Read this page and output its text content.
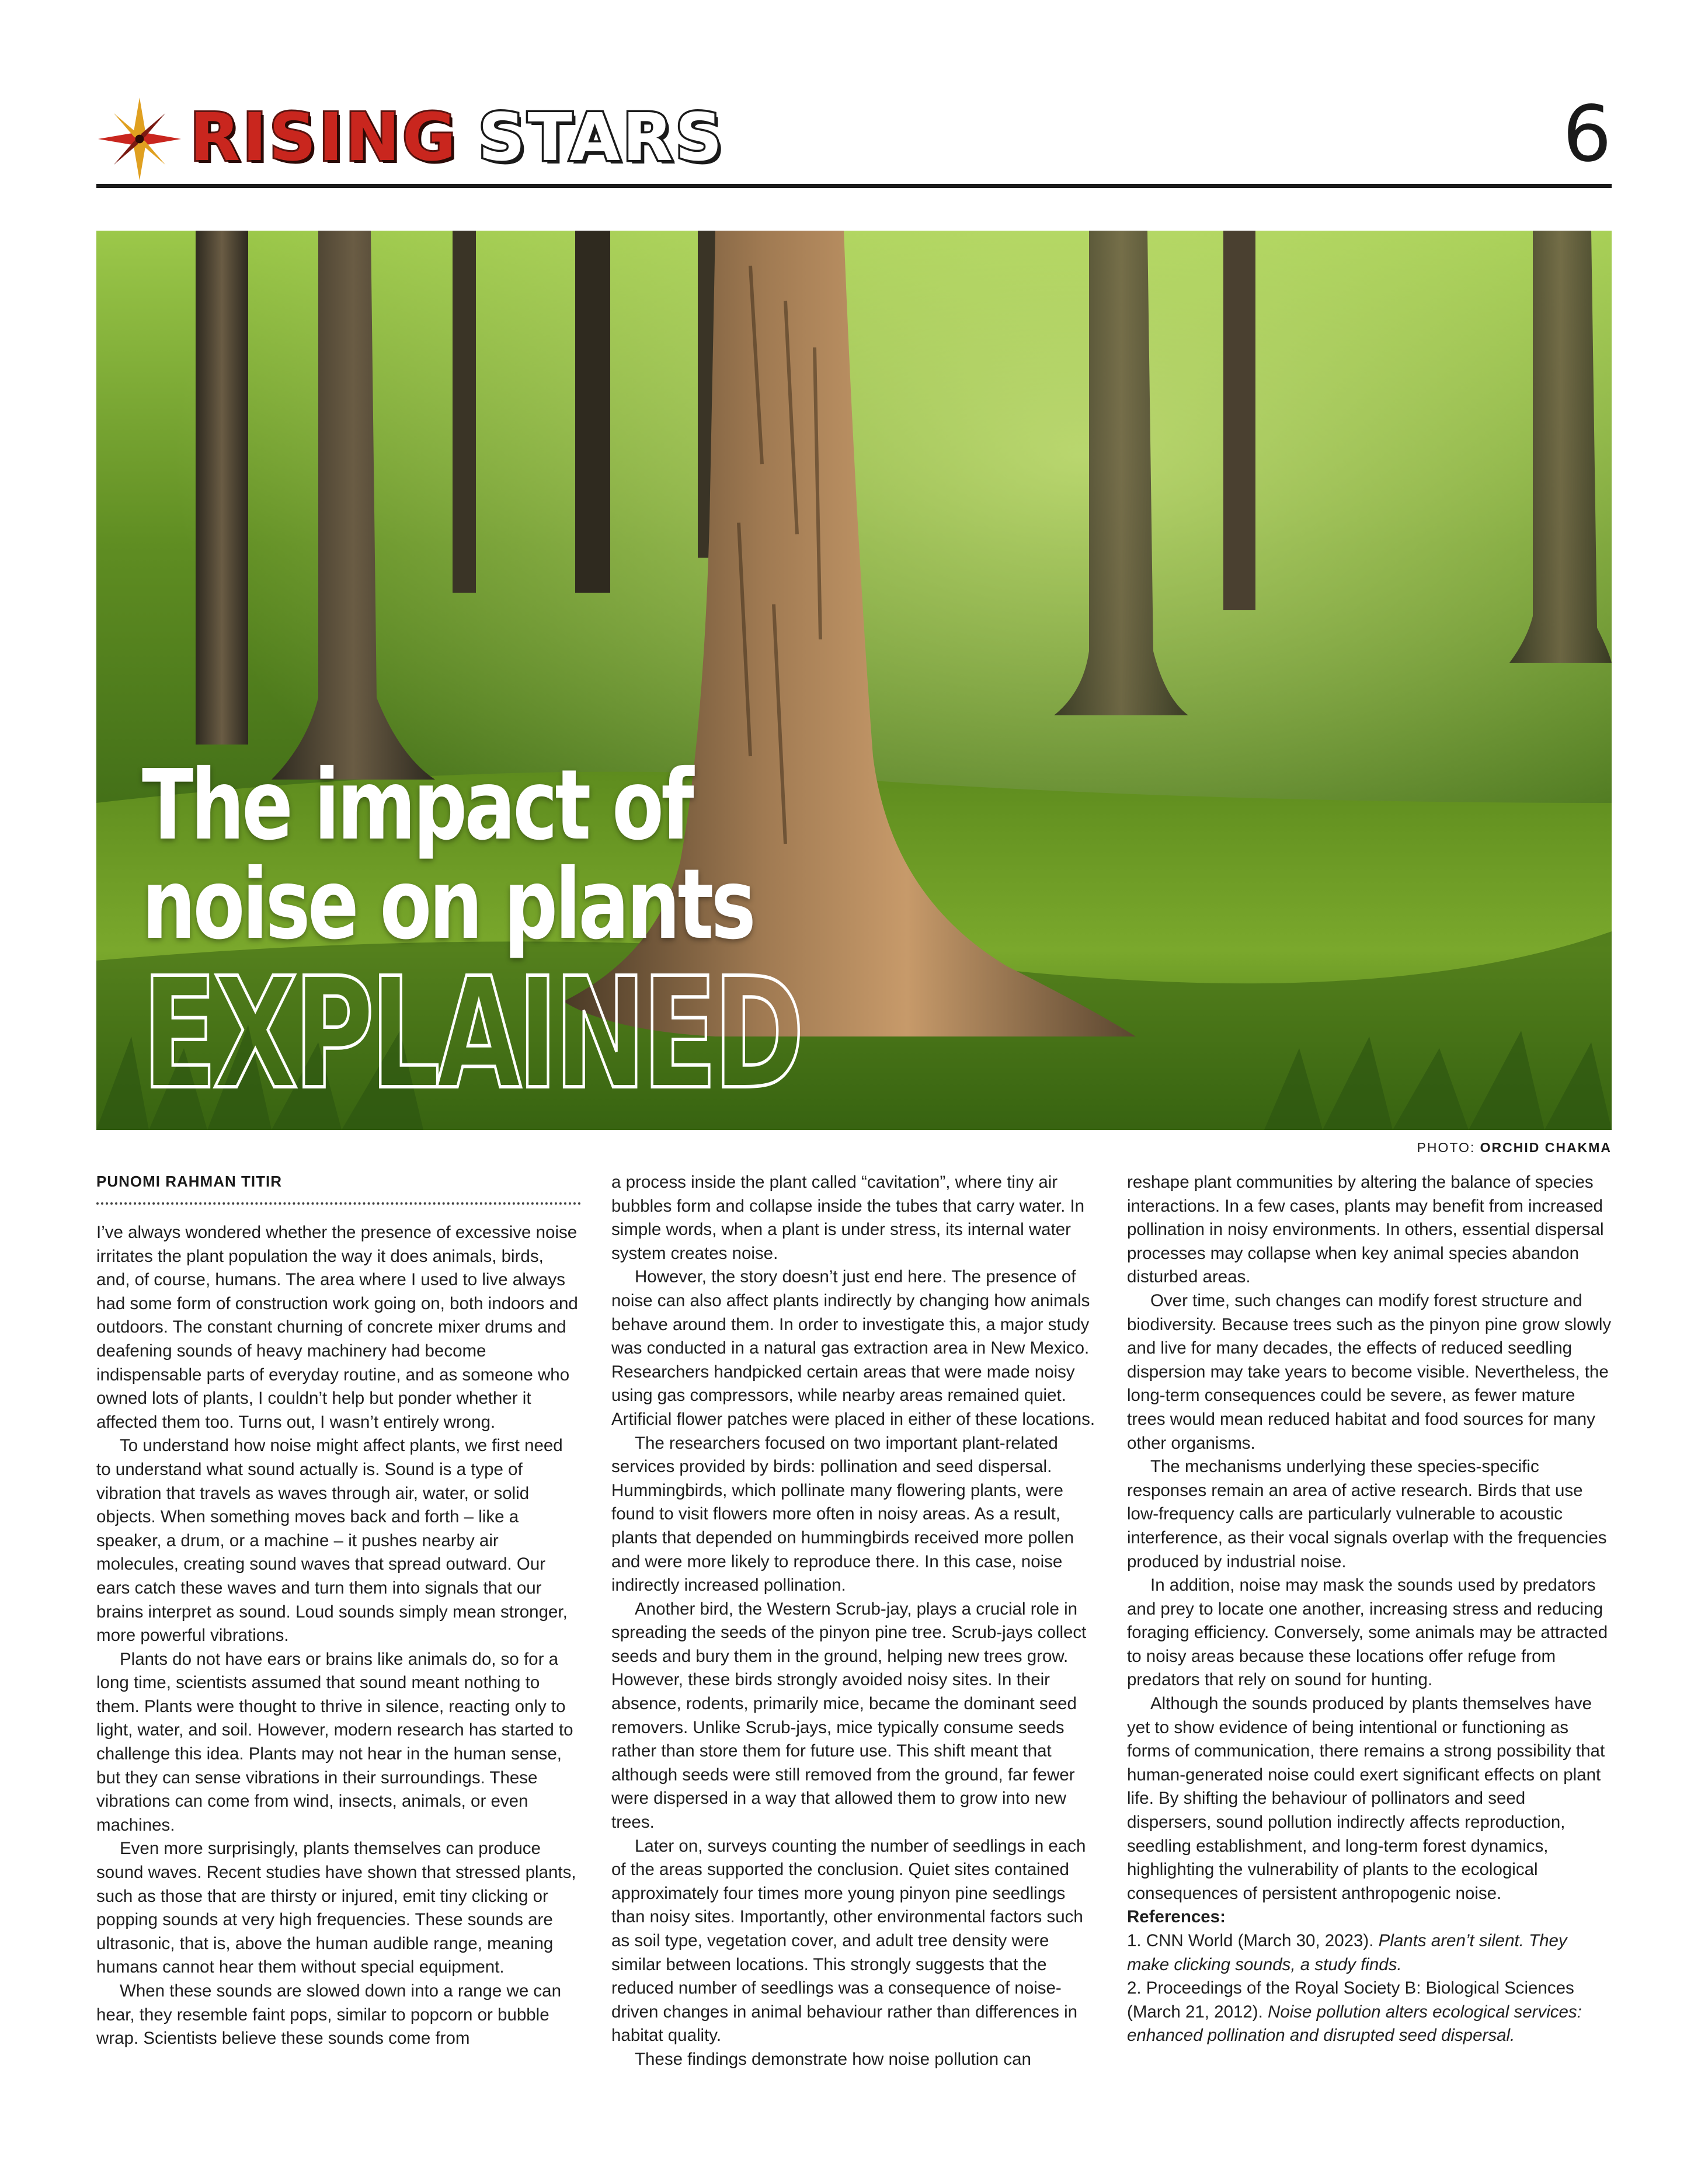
RISING STARS	6
The impact of
noise on plants
EXPLAINED
PHOTO: ORCHID CHAKMA
PUNOMI RAHMAN TITIR

I’ve always wondered whether the presence of excessive noise irritates the plant population the way it does animals, birds, and, of course, humans. The area where I used to live always had some form of construction work going on, both indoors and outdoors. The constant churning of concrete mixer drums and deafening sounds of heavy machinery had become indispensable parts of everyday routine, and as someone who owned lots of plants, I couldn’t help but ponder whether it affected them too. Turns out, I wasn’t entirely wrong.

To understand how noise might affect plants, we first need to understand what sound actually is. Sound is a type of vibration that travels as waves through air, water, or solid objects. When something moves back and forth – like a speaker, a drum, or a machine – it pushes nearby air molecules, creating sound waves that spread outward. Our ears catch these waves and turn them into signals that our brains interpret as sound. Loud sounds simply mean stronger, more powerful vibrations.

Plants do not have ears or brains like animals do, so for a long time, scientists assumed that sound meant nothing to them. Plants were thought to thrive in silence, reacting only to light, water, and soil. However, modern research has started to challenge this idea. Plants may not hear in the human sense, but they can sense vibrations in their surroundings. These vibrations can come from wind, insects, animals, or even machines.

Even more surprisingly, plants themselves can produce sound waves. Recent studies have shown that stressed plants, such as those that are thirsty or injured, emit tiny clicking or popping sounds at very high frequencies. These sounds are ultrasonic, that is, above the human audible range, meaning humans cannot hear them without special equipment.

When these sounds are slowed down into a range we can hear, they resemble faint pops, similar to popcorn or bubble wrap. Scientists believe these sounds come from

a process inside the plant called “cavitation”, where tiny air bubbles form and collapse inside the tubes that carry water. In simple words, when a plant is under stress, its internal water system creates noise.

However, the story doesn’t just end here. The presence of noise can also affect plants indirectly by changing how animals behave around them. In order to investigate this, a major study was conducted in a natural gas extraction area in New Mexico. Researchers handpicked certain areas that were made noisy using gas compressors, while nearby areas remained quiet. Artificial flower patches were placed in either of these locations.

The researchers focused on two important plant-related services provided by birds: pollination and seed dispersal. Hummingbirds, which pollinate many flowering plants, were found to visit flowers more often in noisy areas. As a result, plants that depended on hummingbirds received more pollen and were more likely to reproduce there. In this case, noise indirectly increased pollination.

Another bird, the Western Scrub-jay, plays a crucial role in spreading the seeds of the pinyon pine tree. Scrub-jays collect seeds and bury them in the ground, helping new trees grow. However, these birds strongly avoided noisy sites. In their absence, rodents, primarily mice, became the dominant seed removers. Unlike Scrub-jays, mice typically consume seeds rather than store them for future use. This shift meant that although seeds were still removed from the ground, far fewer were dispersed in a way that allowed them to grow into new trees.

Later on, surveys counting the number of seedlings in each of the areas supported the conclusion. Quiet sites contained approximately four times more young pinyon pine seedlings than noisy sites. Importantly, other environmental factors such as soil type, vegetation cover, and adult tree density were similar between locations. This strongly suggests that the reduced number of seedlings was a consequence of noise-driven changes in animal behaviour rather than differences in habitat quality.

These findings demonstrate how noise pollution can

reshape plant communities by altering the balance of species interactions. In a few cases, plants may benefit from increased pollination in noisy environments. In others, essential dispersal processes may collapse when key animal species abandon disturbed areas.

Over time, such changes can modify forest structure and biodiversity. Because trees such as the pinyon pine grow slowly and live for many decades, the effects of reduced seedling dispersion may take years to become visible. Nevertheless, the long-term consequences could be severe, as fewer mature trees would mean reduced habitat and food sources for many other organisms.

The mechanisms underlying these species-specific responses remain an area of active research. Birds that use low-frequency calls are particularly vulnerable to acoustic interference, as their vocal signals overlap with the frequencies produced by industrial noise.

In addition, noise may mask the sounds used by predators and prey to locate one another, increasing stress and reducing foraging efficiency. Conversely, some animals may be attracted to noisy areas because these locations offer refuge from predators that rely on sound for hunting.

Although the sounds produced by plants themselves have yet to show evidence of being intentional or functioning as forms of communication, there remains a strong possibility that human-generated noise could exert significant effects on plant life. By shifting the behaviour of pollinators and seed dispersers, sound pollution indirectly affects reproduction, seedling establishment, and long-term forest dynamics, highlighting the vulnerability of plants to the ecological consequences of persistent anthropogenic noise.

References:

1. CNN World (March 30, 2023). Plants aren’t silent. They make clicking sounds, a study finds.

2. Proceedings of the Royal Society B: Biological Sciences (March 21, 2012). Noise pollution alters ecological services: enhanced pollination and disrupted seed dispersal.
